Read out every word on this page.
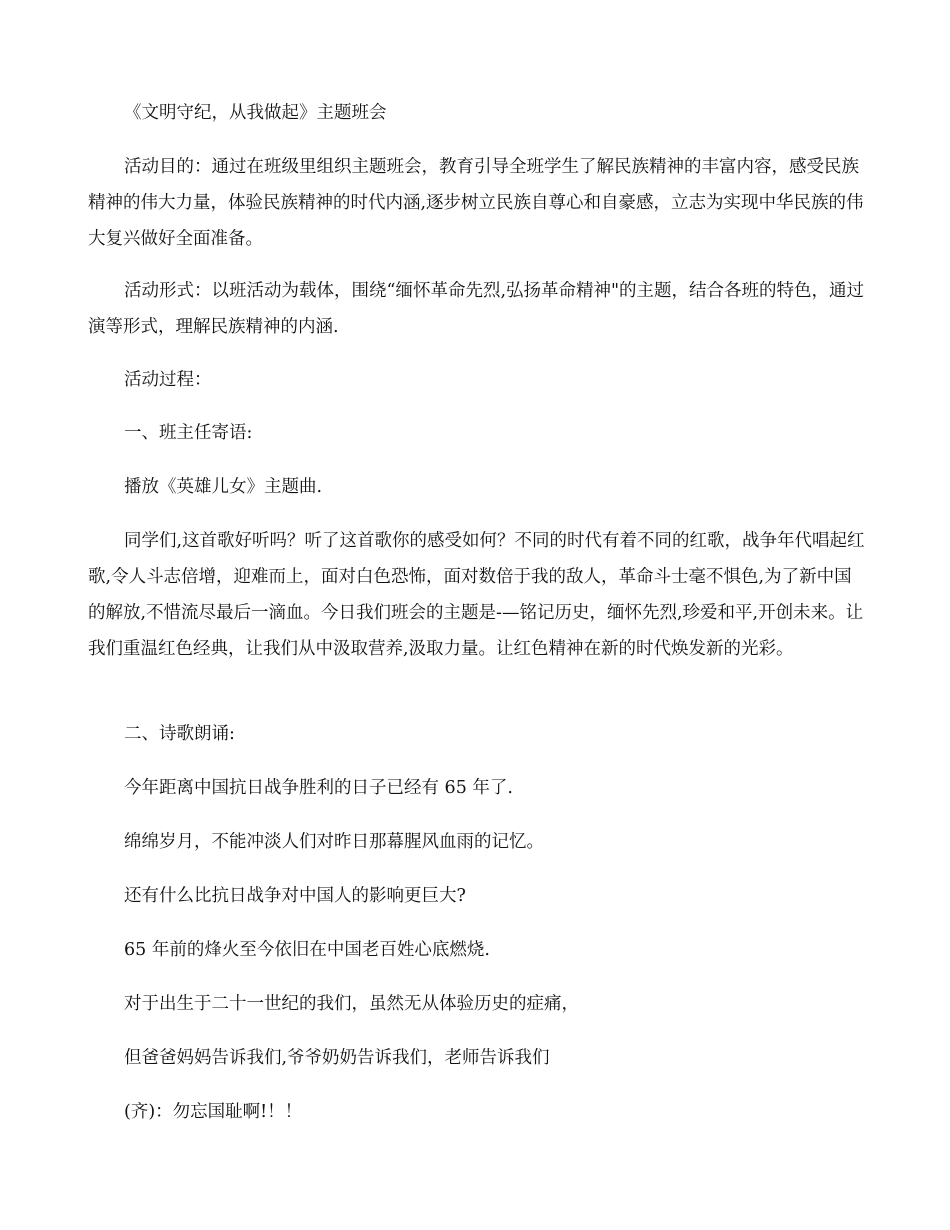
《文明守纪，从我做起》主题班会

活动目的：通过在班级里组织主题班会，教育引导全班学生了解民族精神的丰富内容，感受民族精神的伟大力量，体验民族精神的时代内涵,逐步树立民族自尊心和自豪感，立志为实现中华民族的伟大复兴做好全面准备。

活动形式：以班活动为载体，围绕“缅怀革命先烈,弘扬革命精神"的主题，结合各班的特色，通过演等形式，理解民族精神的内涵.

活动过程：

一、班主任寄语:

播放《英雄儿女》主题曲.

同学们,这首歌好听吗？听了这首歌你的感受如何？不同的时代有着不同的红歌，战争年代唱起红歌,令人斗志倍增，迎难而上，面对白色恐怖，面对数倍于我的敌人，革命斗士毫不惧色,为了新中国的解放,不惜流尽最后一滴血。今日我们班会的主题是-—铭记历史，缅怀先烈,珍爱和平,开创未来。让我们重温红色经典，让我们从中汲取营养,汲取力量。让红色精神在新的时代焕发新的光彩。

二、诗歌朗诵:

今年距离中国抗日战争胜利的日子已经有 65 年了.

绵绵岁月，不能冲淡人们对昨日那幕腥风血雨的记忆。

还有什么比抗日战争对中国人的影响更巨大?

65 年前的烽火至今依旧在中国老百姓心底燃烧.

对于出生于二十一世纪的我们，虽然无从体验历史的症痛，

但爸爸妈妈告诉我们,爷爷奶奶告诉我们，老师告诉我们

(齐)：勿忘国耻啊!！！
